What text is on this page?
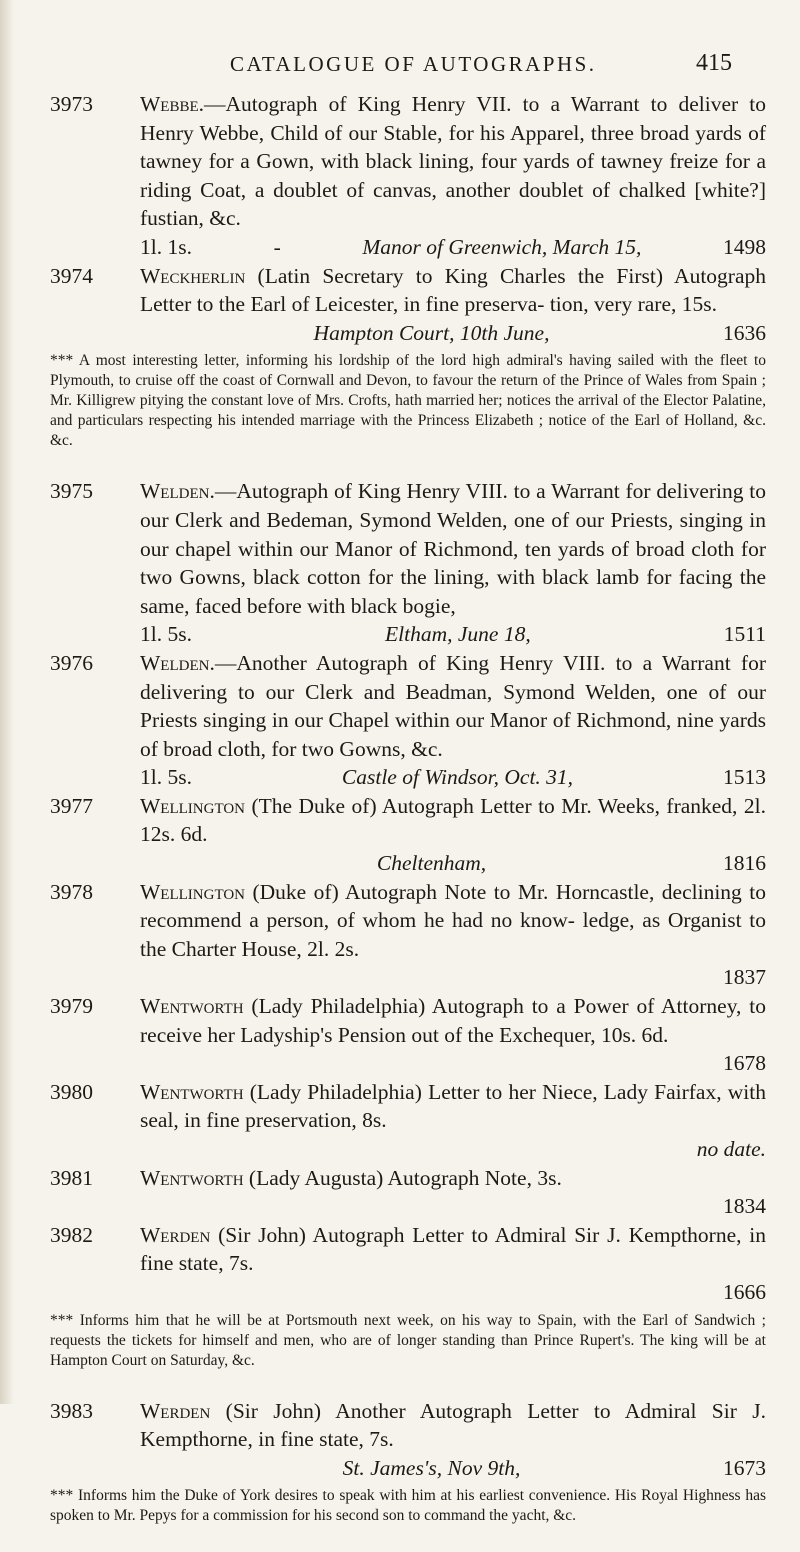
CATALOGUE OF AUTOGRAPHS.	415
3973	Webbe.—Autograph of King Henry VII. to a Warrant to deliver to Henry Webbe, Child of our Stable, for his Apparel, three broad yards of tawney for a Gown, with black lining, four yards of tawney freize for a riding Coat, a doublet of canvas, another doublet of chalked [white?] fustian, &c.
1l. 1s.	-	Manor of Greenwich, March 15,	1498
3974	Weckherlin (Latin Secretary to King Charles the First) Autograph Letter to the Earl of Leicester, in fine preserva- tion, very rare, 15s.
Hampton Court, 10th June,	1636

*** A most interesting letter, informing his lordship of the lord high admiral's having sailed with the fleet to Plymouth, to cruise off the coast of Cornwall and Devon, to favour the return of the Prince of Wales from Spain ; Mr. Killigrew pitying the constant love of Mrs. Crofts, hath married her; notices the arrival of the Elector Palatine, and particulars respecting his intended marriage with the Princess Elizabeth ; notice of the Earl of Holland, &c. &c.

3975	Welden.—Autograph of King Henry VIII. to a Warrant for delivering to our Clerk and Bedeman, Symond Welden, one of our Priests, singing in our chapel within our Manor of Richmond, ten yards of broad cloth for two Gowns, black cotton for the lining, with black lamb for facing the same, faced before with black bogie,
1l. 5s.	Eltham, June 18,	1511
3976	Welden.—Another Autograph of King Henry VIII. to a Warrant for delivering to our Clerk and Beadman, Symond Welden, one of our Priests singing in our Chapel within our Manor of Richmond, nine yards of broad cloth, for two Gowns, &c.
1l. 5s.	Castle of Windsor, Oct. 31,	1513
3977	Wellington (The Duke of) Autograph Letter to Mr. Weeks, franked, 2l. 12s. 6d.
Cheltenham,	1816
3978	Wellington (Duke of) Autograph Note to Mr. Horncastle, declining to recommend a person, of whom he had no know- ledge, as Organist to the Charter House, 2l. 2s.
1837
3979	Wentworth (Lady Philadelphia) Autograph to a Power of Attorney, to receive her Ladyship's Pension out of the Exchequer, 10s. 6d.
1678
3980	Wentworth (Lady Philadelphia) Letter to her Niece, Lady Fairfax, with seal, in fine preservation, 8s.
no date.
3981	Wentworth (Lady Augusta) Autograph Note, 3s.
1834
3982	Werden (Sir John) Autograph Letter to Admiral Sir J. Kempthorne, in fine state, 7s.
1666

*** Informs him that he will be at Portsmouth next week, on his way to Spain, with the Earl of Sandwich ; requests the tickets for himself and men, who are of longer standing than Prince Rupert's. The king will be at Hampton Court on Saturday, &c.

3983	Werden (Sir John) Another Autograph Letter to Admiral Sir J. Kempthorne, in fine state, 7s.
St. James's, Nov 9th,	1673

*** Informs him the Duke of York desires to speak with him at his earliest convenience. His Royal Highness has spoken to Mr. Pepys for a commission for his second son to command the yacht, &c.
